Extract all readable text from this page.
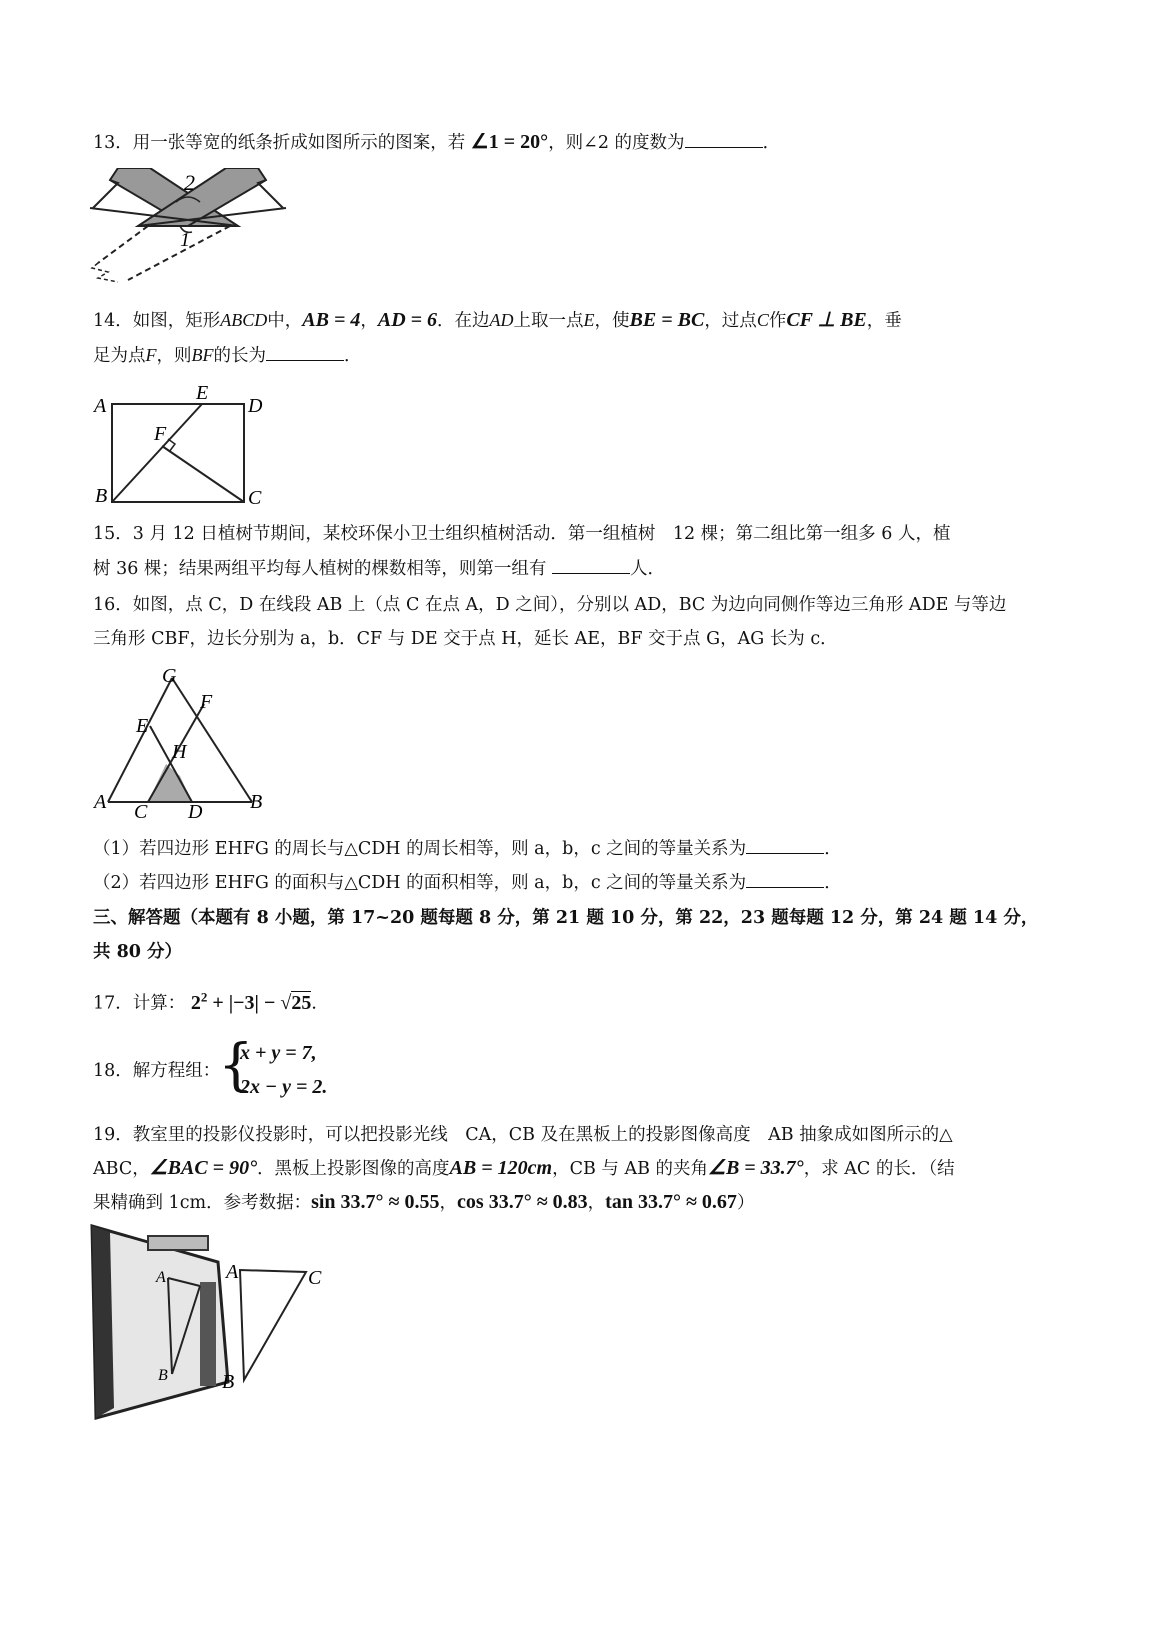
13．用一张等宽的纸条折成如图所示的图案，若 ∠1 = 20°，则∠2 的度数为	．
2
1
14．如图，矩形ABCD中，AB = 4，AD = 6．在边AD上取一点E，使BE = BC，过点C作CF ⊥ BE，垂
足为点F，则BF的长为	．
A
E
D
F
B	C
15．3 月 12 日植树节期间，某校环保小卫士组织植树活动．第一组植树　12 棵；第二组比第一组多 6 人，植
树 36 棵；结果两组平均每人植树的棵数相等，则第一组有	人．
16．如图，点 C，D 在线段 AB 上（点 C 在点 A，D 之间），分别以 AD，BC 为边向同侧作等边三角形 ADE 与等边
三角形 CBF，边长分别为 a，b．CF 与 DE 交于点 H，延长 AE，BF 交于点 G，AG 长为 c．
G
F
E
H
A C D B
（1）若四边形 EHFG 的周长与△CDH 的周长相等，则 a，b，c 之间的等量关系为	．
（2）若四边形 EHFG 的面积与△CDH 的面积相等，则 a，b，c 之间的等量关系为	．
三、解答题（本题有 8 小题，第 17~20 题每题 8 分，第 21 题 10 分，第 22，23 题每题 12 分，第 24 题 14 分，
共 80 分）
17．计算： $2^2 + |-3| - √25$．
18．解方程组：
{
x + y = 7,
2x − y = 2.
19．教室里的投影仪投影时，可以把投影光线　CA，CB 及在黑板上的投影图像高度　AB 抽象成如图所示的△
ABC，∠BAC = 90°．黑板上投影图像的高度AB = 120cm，CB 与 AB 的夹角∠B = 33.7°，求 AC 的长．（结
果精确到 1cm．参考数据：sin 33.7° ≈ 0.55，cos 33.7° ≈ 0.83，tan 33.7° ≈ 0.67）
A
B
A
B
C
